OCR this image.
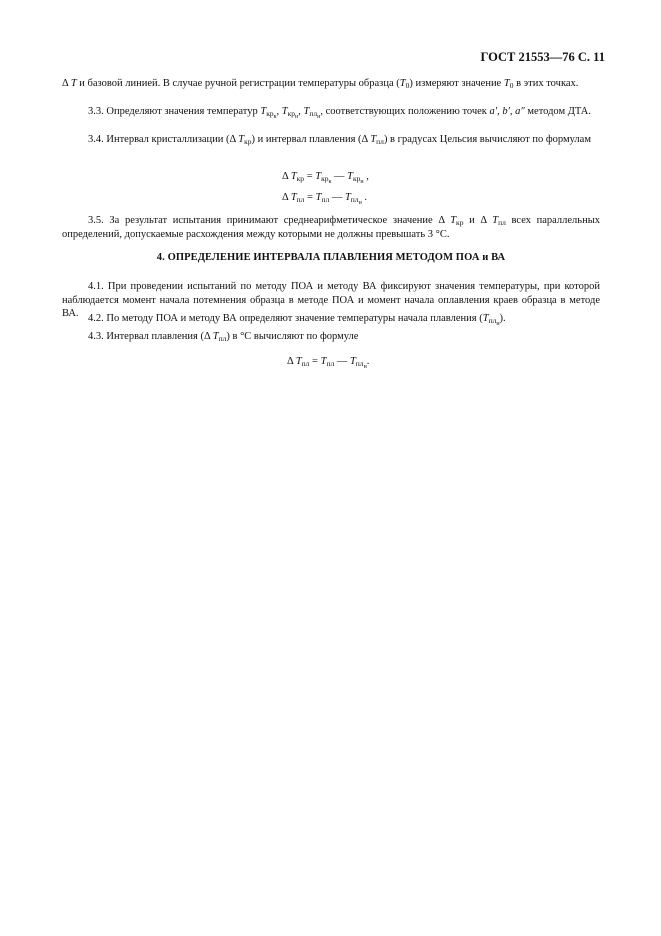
ГОСТ 21553—76 С. 11

Δ T и базовой линией. В случае ручной регистрации температуры образца $(T_0)$ измеряют значение $T_0$ в этих точках.

3.3. Определяют значения температур $T_{кр_к}$, $T_{кр_н}$, $T_{пл_н}$, соответствующих положению точек a′, b′, a″ методом ДТА.

3.4. Интервал кристаллизации (Δ $T_{кр}$) и интервал плавления (Δ $T_{пл}$) в градусах Цельсия вычисляют по формулам

Δ $T_{кр} = T_{кр_к}$ — $T_{кр_н}$ ,
Δ $T_{пл} = T_{пл}$ — $T_{пл_н}$ .

3.5. За результат испытания принимают среднеарифметическое значение Δ $T_{кр}$ и Δ $T_{пл}$ всех параллельных определений, допускаемые расхождения между которыми не должны превышать 3 °С.

4. ОПРЕДЕЛЕНИЕ ИНТЕРВАЛА ПЛАВЛЕНИЯ МЕТОДОМ ПОА и ВА

4.1. При проведении испытаний по методу ПОА и методу ВА фиксируют значения температуры, при которой наблюдается момент начала потемнения образца в методе ПОА и момент начала оплавления краев образца в методе ВА. 4.2. По методу ПОА и методу ВА определяют значение температуры начала плавления $(T_{пл_н})$.

4.3. Интервал плавления (Δ $T_{пл}$) в °С вычисляют по формуле

Δ $T_{пл} = T_{пл}$ — $T_{пл_н}$.
